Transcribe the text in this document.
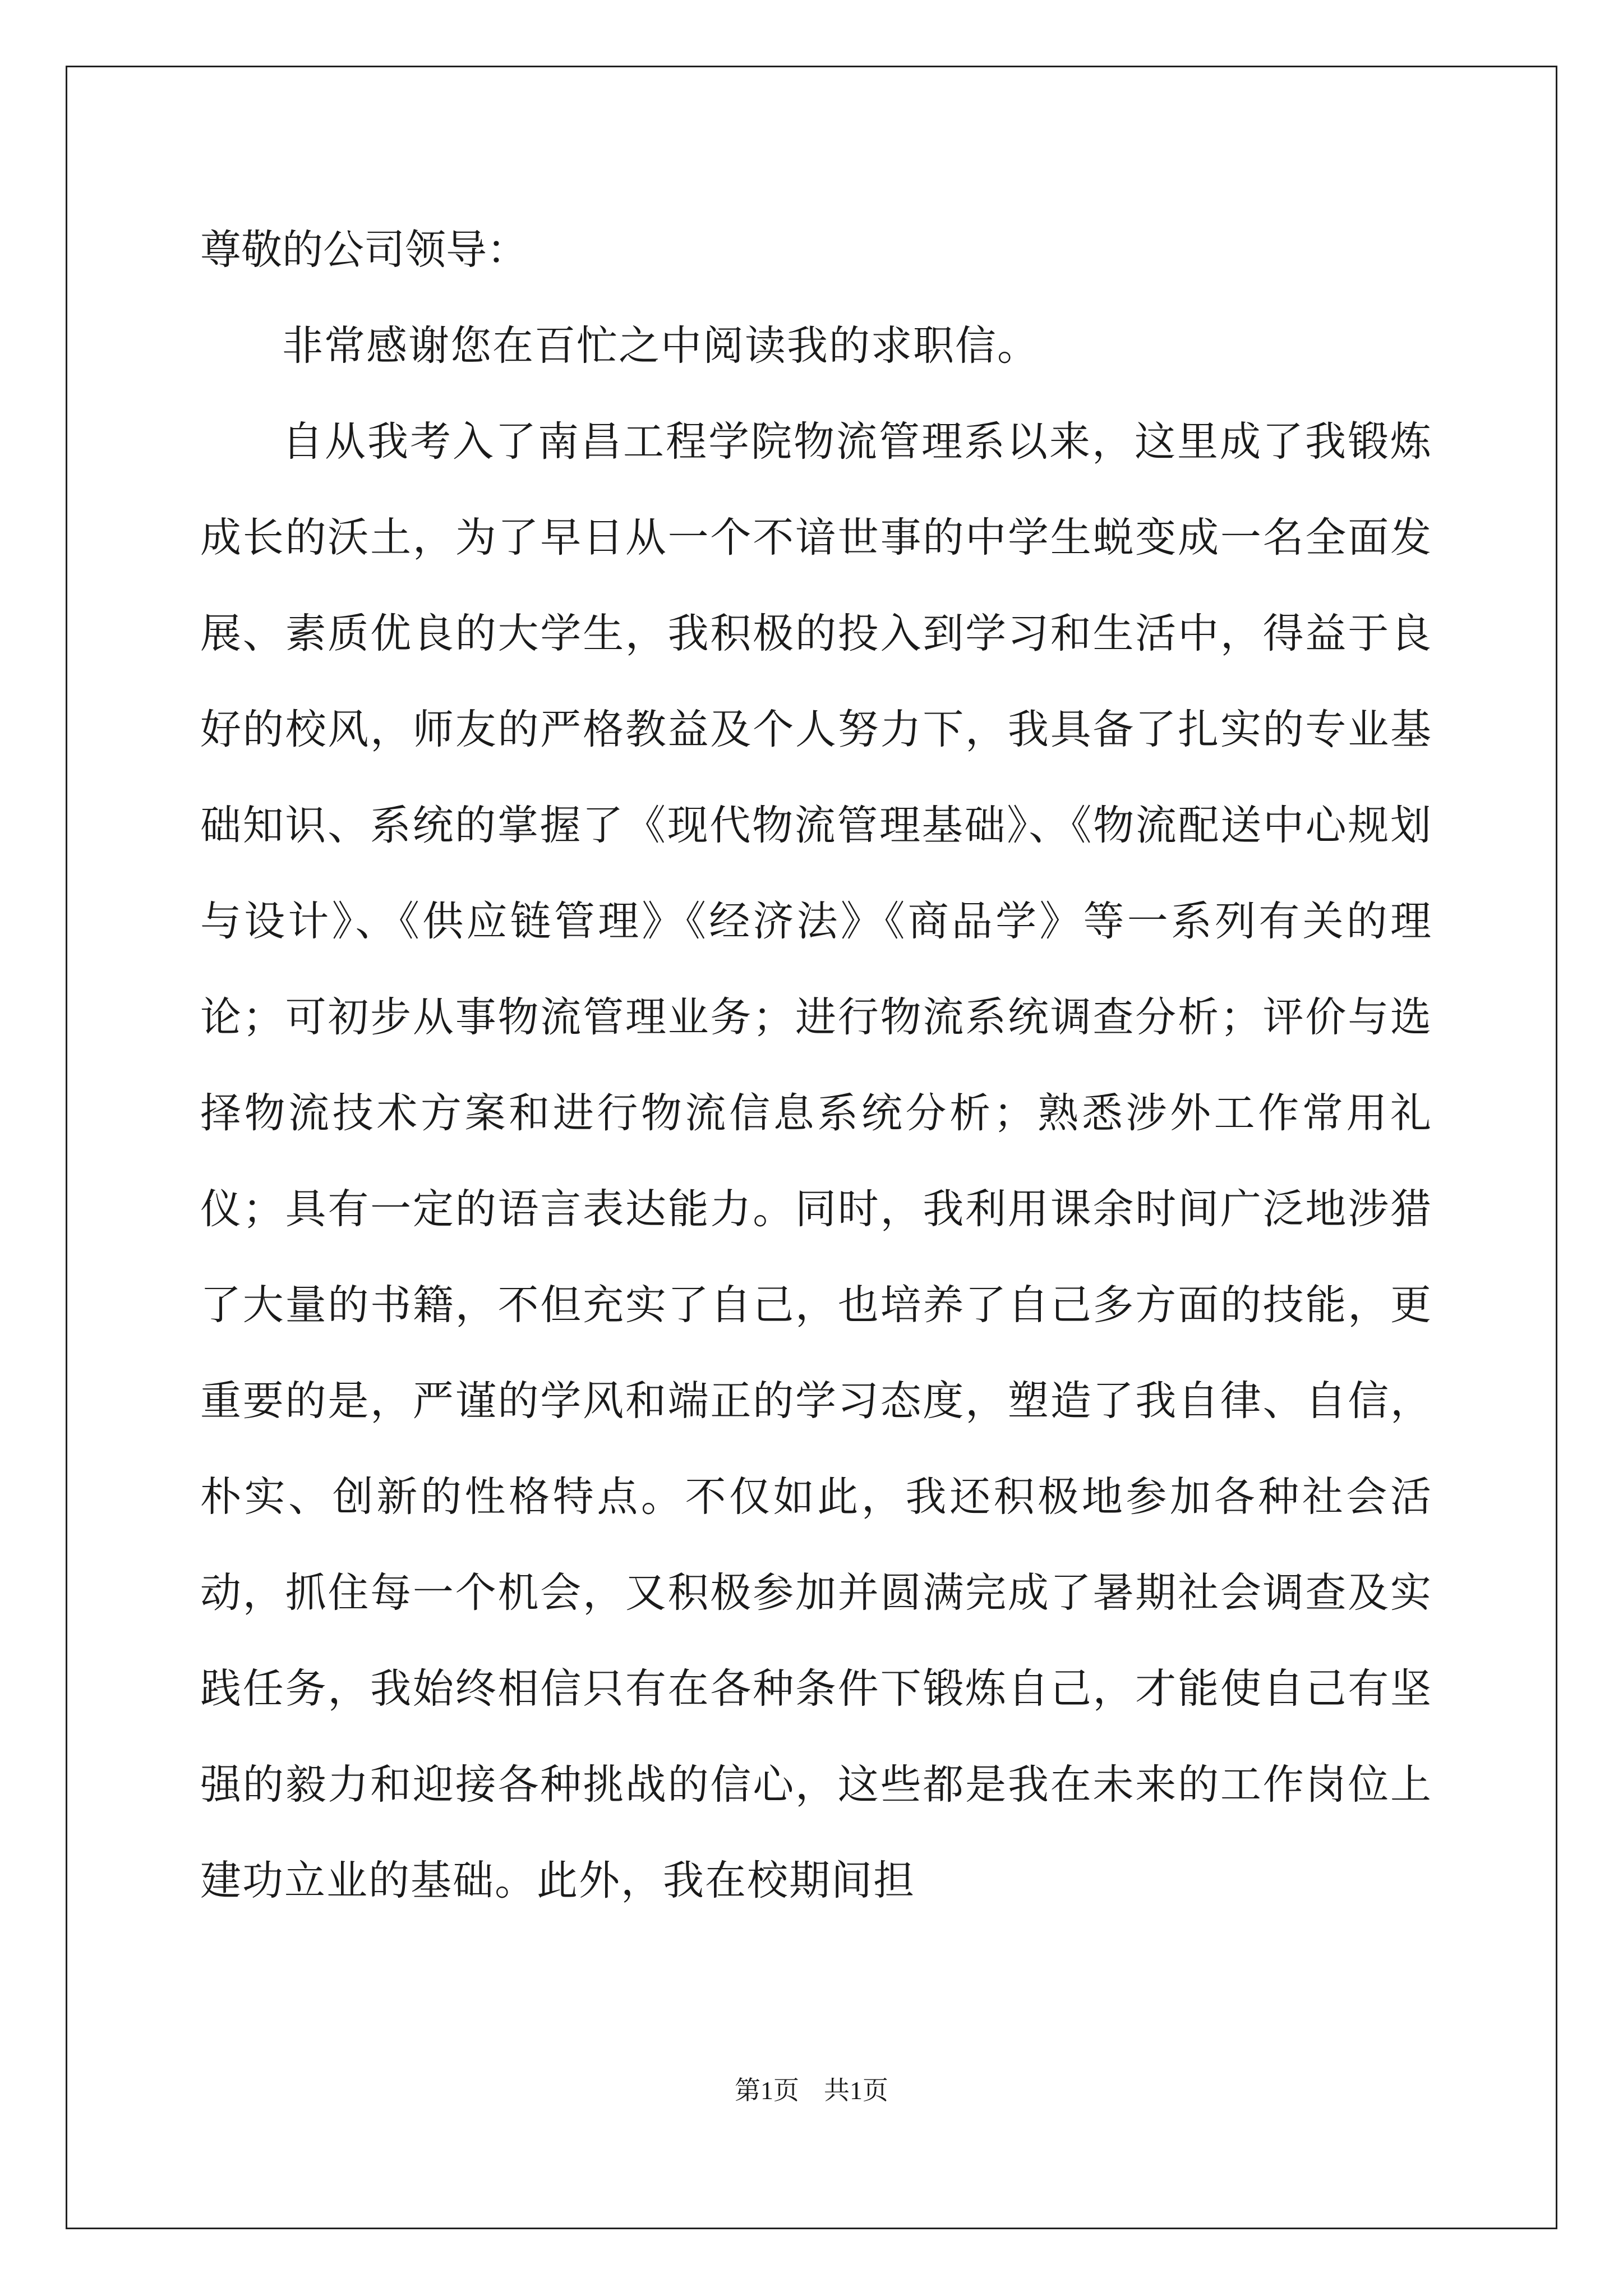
尊敬的公司领导：

非常感谢您在百忙之中阅读我的求职信。

自从我考入了南昌工程学院物流管理系以来，这里成了我锻炼成长的沃土，为了早日从一个不谙世事的中学生蜕变成一名全面发展、素质优良的大学生，我积极的投入到学习和生活中，得益于良好的校风，师友的严格教益及个人努力下，我具备了扎实的专业基础知识、系统的掌握了《现代物流管理基础》、《物流配送中心规划与设计》、《供应链管理》《经济法》《商品学》等一系列有关的理论；可初步从事物流管理业务；进行物流系统调查分析；评价与选择物流技术方案和进行物流信息系统分析；熟悉涉外工作常用礼仪；具有一定的语言表达能力。同时，我利用课余时间广泛地涉猎了大量的书籍，不但充实了自己，也培养了自己多方面的技能，更重要的是，严谨的学风和端正的学习态度，塑造了我自律、自信，朴实、创新的性格特点。不仅如此，我还积极地参加各种社会活动，抓住每一个机会，又积极参加并圆满完成了暑期社会调查及实践任务，我始终相信只有在各种条件下锻炼自己，才能使自己有坚强的毅力和迎接各种挑战的信心，这些都是我在未来的工作岗位上建功立业的基础。此外，我在校期间担

第1页 共1页
